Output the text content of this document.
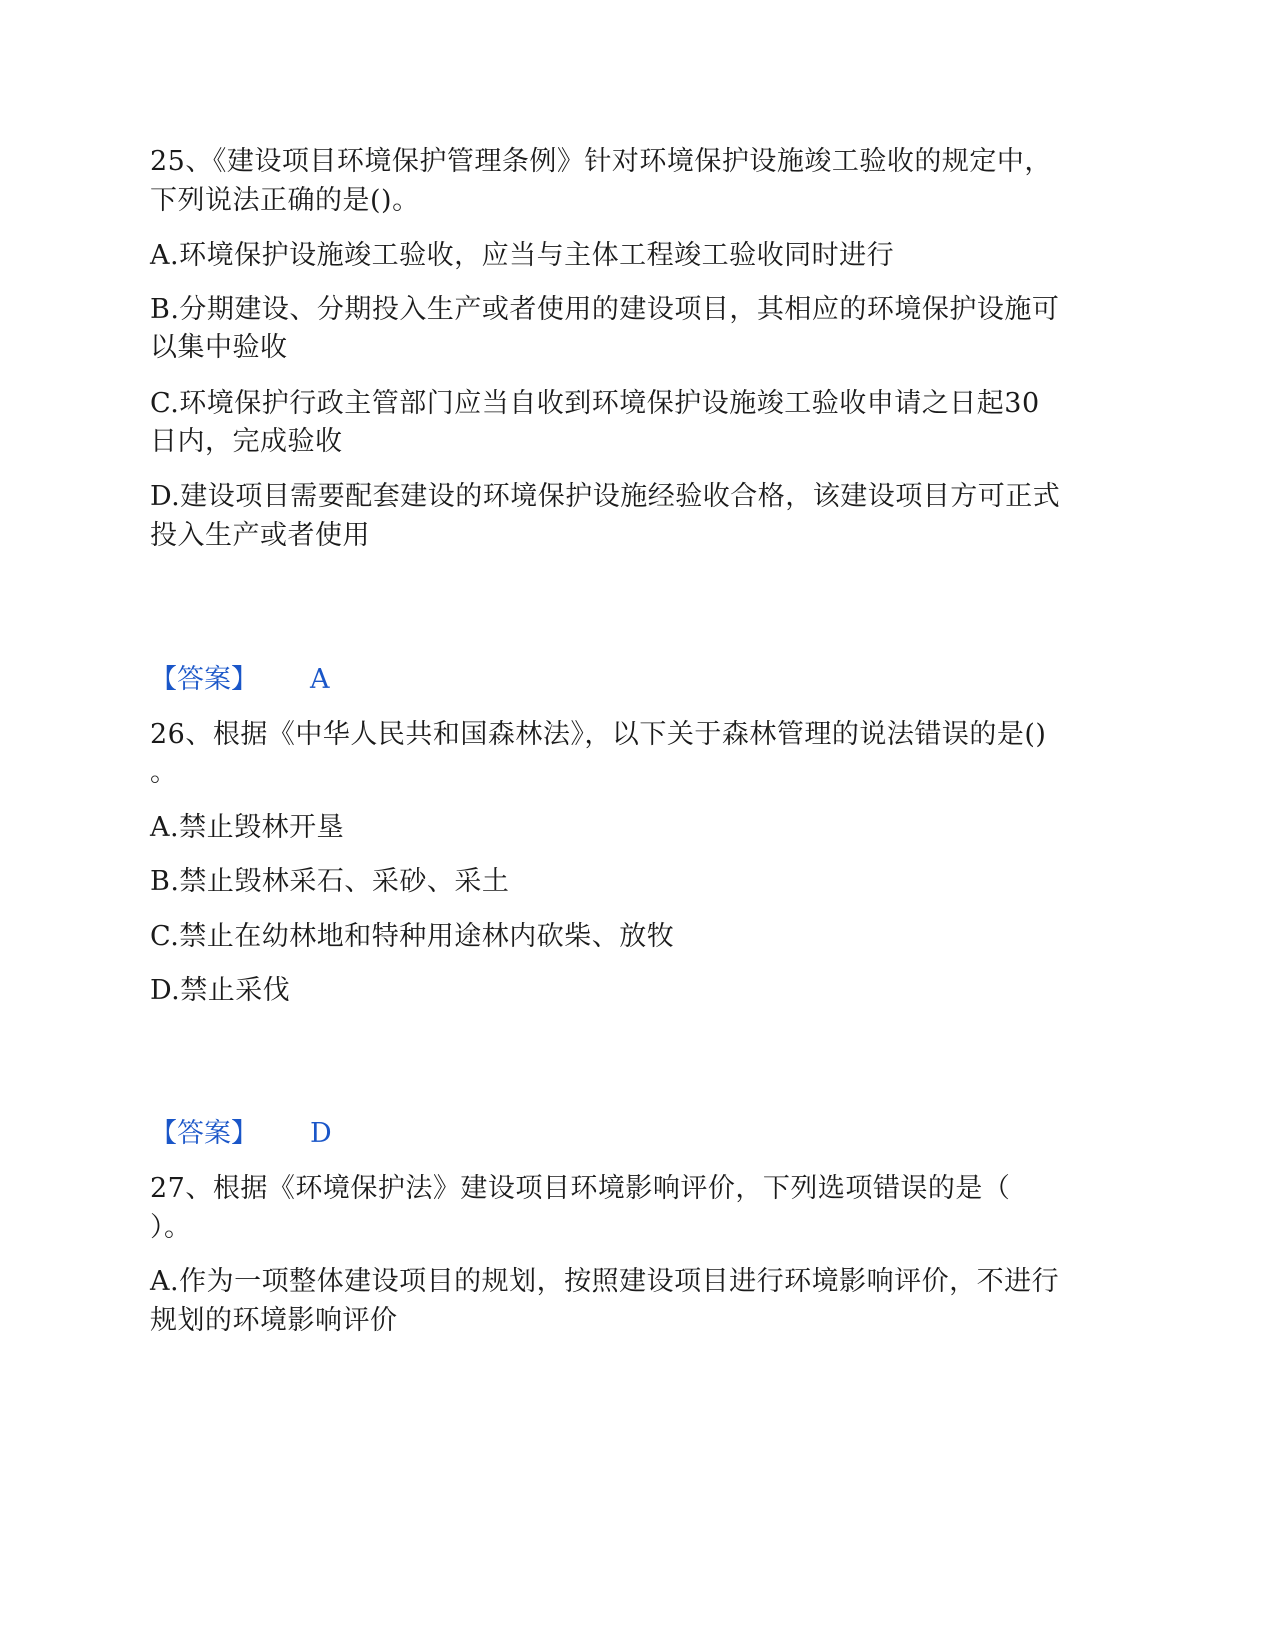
25、《建设项目环境保护管理条例》针对环境保护设施竣工验收的规定中，
下列说法正确的是()。
A.环境保护设施竣工验收，应当与主体工程竣工验收同时进行
B.分期建设、分期投入生产或者使用的建设项目，其相应的环境保护设施可
以集中验收
C.环境保护行政主管部门应当自收到环境保护设施竣工验收申请之日起30
日内，完成验收
D.建设项目需要配套建设的环境保护设施经验收合格，该建设项目方可正式
投入生产或者使用
【答案】 A
26、根据《中华人民共和国森林法》，以下关于森林管理的说法错误的是()
。
A.禁止毁林开垦
B.禁止毁林采石、采砂、采土
C.禁止在幼林地和特种用途林内砍柴、放牧
D.禁止采伐
【答案】 D
27、根据《环境保护法》建设项目环境影响评价，下列选项错误的是（
）。
A.作为一项整体建设项目的规划，按照建设项目进行环境影响评价，不进行
规划的环境影响评价
